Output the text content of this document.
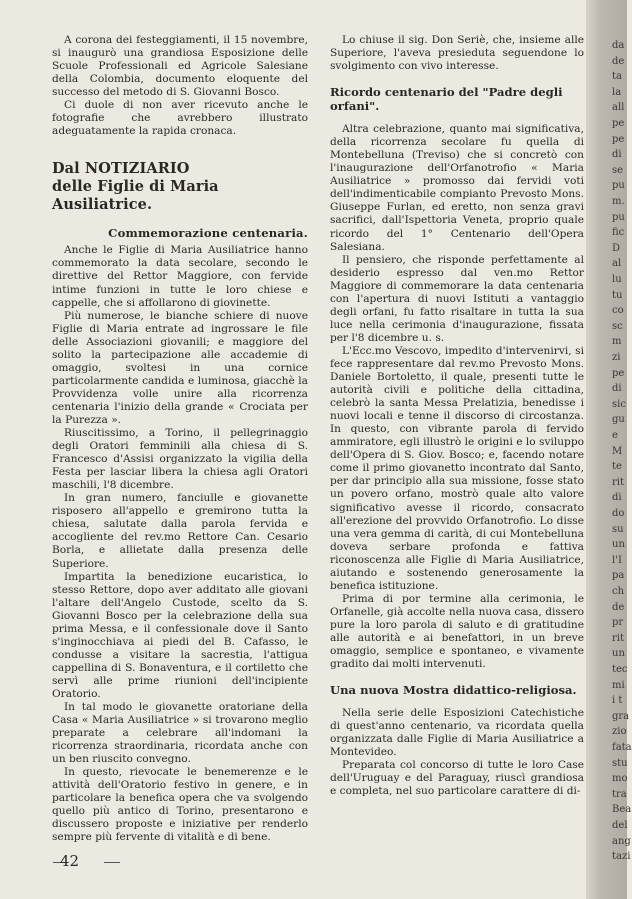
A corona dei festeggiamenti, il 15 novembre, si inaugurò una grandiosa Esposizione delle Scuole Professionali ed Agricole Salesiane della Colombia, documento eloquente del successo del metodo di S. Giovanni Bosco.

Ci duole di non aver ricevuto anche le fotografie che avrebbero illustrato adeguatamente la rapida cronaca.

Dal NOTIZIARIO
delle Figlie di Maria Ausiliatrice.
Commemorazione centenaria.

Anche le Figlie di Maria Ausiliatrice hanno commemorato la data secolare, secondo le direttive del Rettor Maggiore, con fervide intime funzioni in tutte le loro chiese e cappelle, che si affollarono di giovinette.

Più numerose, le bianche schiere di nuove Figlie di Maria entrate ad ingrossare le file delle Associazioni giovanili; e maggiore del solito la partecipazione alle accademie di omaggio, svoltesi in una cornice particolarmente candida e luminosa, giacchè la Provvidenza volle unire alla ricorrenza centenaria l'inizio della grande « Crociata per la Purezza ».

Riuscitissimo, a Torino, il pellegrinaggio degli Oratori femminili alla chiesa di S. Francesco d'Assisi organizzato la vigilia della Festa per lasciar libera la chiesa agli Oratori maschili, l'8 dicembre.

In gran numero, fanciulle e giovanette risposero all'appello e gremirono tutta la chiesa, salutate dalla parola fervida e accogliente del rev.mo Rettore Can. Cesario Borla, e allietate dalla presenza delle Superiore.

Impartita la benedizione eucaristica, lo stesso Rettore, dopo aver additato alle giovani l'altare dell'Angelo Custode, scelto da S. Giovanni Bosco per la celebrazione della sua prima Messa, e il confessionale dove il Santo s'inginocchiava ai piedi del B. Cafasso, le condusse a visitare la sacrestia, l'attigua cappellina di S. Bonaventura, e il cortiletto che servì alle prime riunioni dell'incipiente Oratorio.

In tal modo le giovanette oratoriane della Casa « Maria Ausiliatrice » si trovarono meglio preparate a celebrare all'indomani la ricorrenza straordinaria, ricordata anche con un ben riuscito convegno.

In questo, rievocate le benemerenze e le attività dell'Oratorio festivo in genere, e in particolare la benefica opera che va svolgendo quello più antico di Torino, presentarono e discussero proposte e iniziative per renderlo sempre più fervente di vitalità e di bene.

Lo chiuse il sig. Don Seriè, che, insieme alle Superiore, l'aveva presieduta seguendone lo svolgimento con vivo interesse.

Ricordo centenario del "Padre degli orfani".

Altra celebrazione, quanto mai significativa, della ricorrenza secolare fu quella di Montebelluna (Treviso) che si concretò con l'inaugurazione dell'Orfanotrofio « Maria Ausiliatrice » promosso dai fervidi voti dell'indimenticabile compianto Prevosto Mons. Giuseppe Furlan, ed eretto, non senza gravi sacrifici, dall'Ispettoria Veneta, proprio quale ricordo del 1° Centenario dell'Opera Salesiana.

Il pensiero, che risponde perfettamente al desiderio espresso dal ven.mo Rettor Maggiore di commemorare la data centenaria con l'apertura di nuovi Istituti a vantaggio degli orfani, fu fatto risaltare in tutta la sua luce nella cerimonia d'inaugurazione, fissata per l'8 dicembre u. s.

L'Ecc.mo Vescovo, impedito d'intervenirvi, si fece rappresentare dal rev.mo Prevosto Mons. Daniele Bortoletto, il quale, presenti tutte le autorità civili e politiche della cittadina, celebrò la santa Messa Prelatizia, benedisse i nuovi locali e tenne il discorso di circostanza. In questo, con vibrante parola di fervido ammiratore, egli illustrò le origini e lo sviluppo dell'Opera di S. Giov. Bosco; e, facendo notare come il primo giovanetto incontrato dal Santo, per dar principio alla sua missione, fosse stato un povero orfano, mostrò quale alto valore significativo avesse il ricordo, consacrato all'erezione del provvido Orfanotrofio. Lo disse una vera gemma di carità, di cui Montebelluna doveva serbare profonda e fattiva riconoscenza alle Figlie di Maria Ausiliatrice, aiutando e sostenendo generosamente la benefica istituzione.

Prima di por termine alla cerimonia, le Orfanelle, già accolte nella nuova casa, dissero pure la loro parola di saluto e di gratitudine alle autorità e ai benefattori, in un breve omaggio, semplice e spontaneo, e vivamente gradito dai molti intervenuti.

Una nuova Mostra didattico-religiosa.

Nella serie delle Esposizioni Catechistiche di quest'anno centenario, va ricordata quella organizzata dalle Figlie di Maria Ausiliatrice a Montevideo.

Preparata col concorso di tutte le loro Case dell'Uruguay e del Paraguay, riuscì grandiosa e completa, nel suo particolare carattere di di-

42
da
de
ta
la
all
pe
pe
di
se
pu
m.
pu
fic
D
al
lu
tu
co
sc
m
zi
pe
di
sic
gu
e
M
te
rit
di
do
su
un
l'I
pa
ch
de
pr
rit
un
tec
mi
i t
gra
zio
fata
stu
mo
tra
Bea
del
ang
tazi
